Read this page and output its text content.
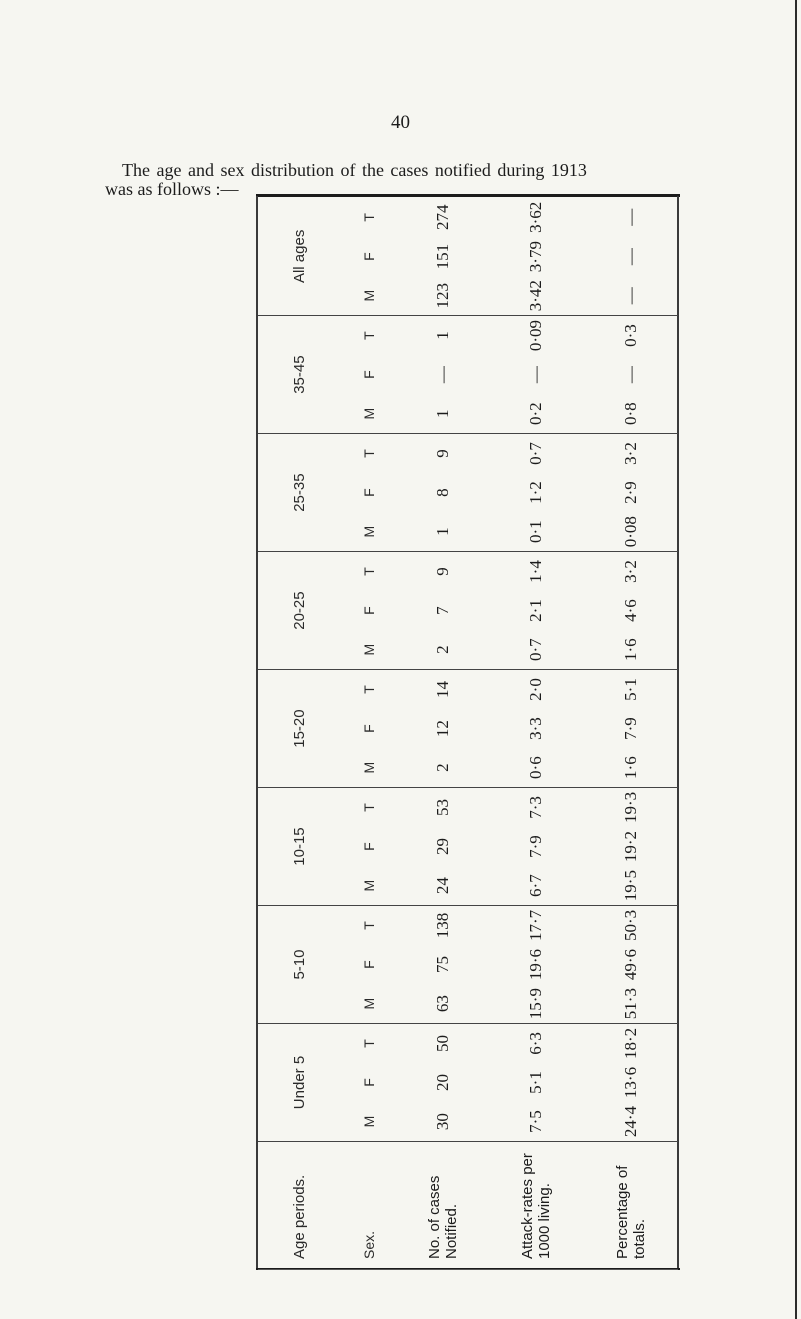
40
The age and sex distribution of the cases notified during 1913
was as follows :—
Age periods.	Under 5			5-10			10-15			15-20			20-25			25-35			35-45			All ages		
Sex.	M	F	T	M	F	T	M	F	T	M	F	T	M	F	T	M	F	T	M	F	T	M	F	T
No. of cases Notified.	30	20	50	63	75	138	24	29	53	2	12	14	2	7	9	1	8	9	1	—	1	123	151	274
Attack-rates per 1000 living.	7·5	5·1	6·3	15·9	19·6	17·7	6·7	7·9	7·3	0·6	3·3	2·0	0·7	2·1	1·4	0·1	1·2	0·7	0·2	—	0·09	3·42	3·79	3·62
Percentage of totals.	24·4	13·6	18·2	51·3	49·6	50·3	19·5	19·2	19·3	1·6	7·9	5·1	1·6	4·6	3·2	0·08	2·9	3·2	0·8	—	0·3	—	—	—
